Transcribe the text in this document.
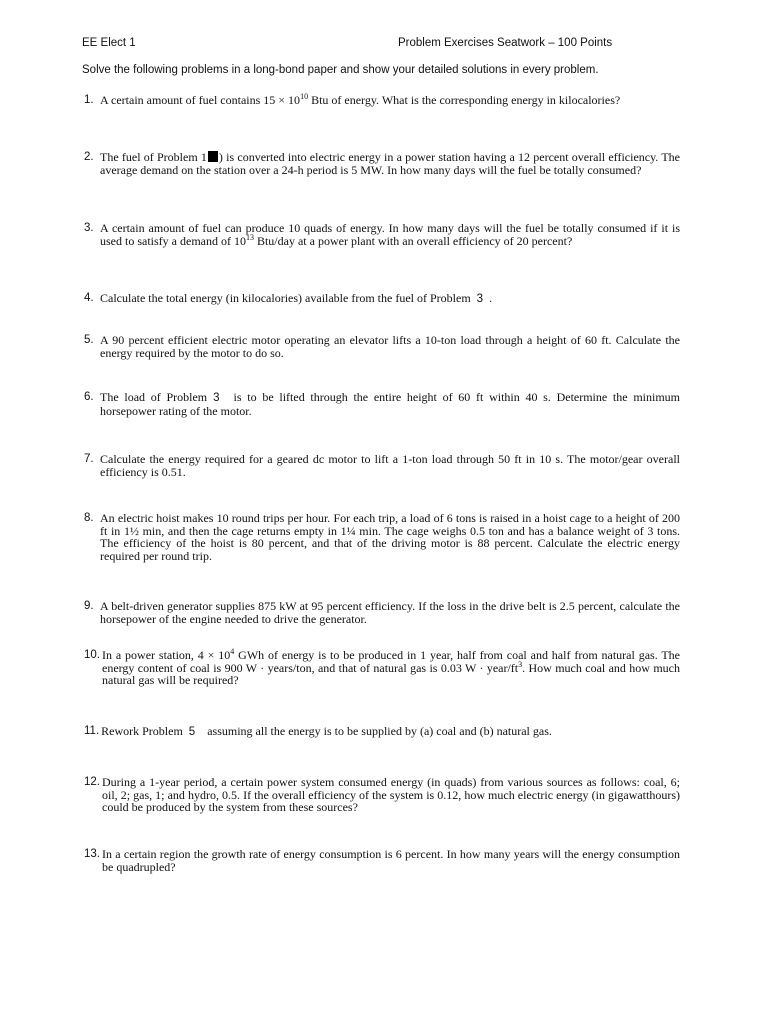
EE Elect 1	Problem Exercises Seatwork – 100 Points
Solve the following problems in a long-bond paper and show your detailed solutions in every problem.
1. A certain amount of fuel contains $15 \times 10^{10}$ Btu of energy. What is the corresponding energy in kilocalories?
2. The fuel of Problem 1 ) is converted into electric energy in a power station having a 12 percent overall efficiency. The average demand on the station over a 24-h period is 5 MW. In how many days will the fuel be totally consumed?
3. A certain amount of fuel can produce 10 quads of energy. In how many days will the fuel be totally consumed if it is used to satisfy a demand of $10^{13}$ Btu/day at a power plant with an overall efficiency of 20 percent?
4. Calculate the total energy (in kilocalories) available from the fuel of Problem 3 .
5. A 90 percent efficient electric motor operating an elevator lifts a 10-ton load through a height of 60 ft. Calculate the energy required by the motor to do so.
6. The load of Problem 3 is to be lifted through the entire height of 60 ft within 40 s. Determine the minimum horsepower rating of the motor.
7. Calculate the energy required for a geared dc motor to lift a 1-ton load through 50 ft in 10 s. The motor/gear overall efficiency is 0.51.
8. An electric hoist makes 10 round trips per hour. For each trip, a load of 6 tons is raised in a hoist cage to a height of 200 ft in 1½ min, and then the cage returns empty in 1¼ min. The cage weighs 0.5 ton and has a balance weight of 3 tons. The efficiency of the hoist is 80 percent, and that of the driving motor is 88 percent. Calculate the electric energy required per round trip.
9. A belt-driven generator supplies 875 kW at 95 percent efficiency. If the loss in the drive belt is 2.5 percent, calculate the horsepower of the engine needed to drive the generator.
10. In a power station, $4 \times 10^4$ GWh of energy is to be produced in 1 year, half from coal and half from natural gas. The energy content of coal is 900 W · years/ton, and that of natural gas is 0.03 W · year/$ft^3$. How much coal and how much natural gas will be required?
11. Rework Problem 5 assuming all the energy is to be supplied by (a) coal and (b) natural gas.
12. During a 1-year period, a certain power system consumed energy (in quads) from various sources as follows: coal, 6; oil, 2; gas, 1; and hydro, 0.5. If the overall efficiency of the system is 0.12, how much electric energy (in gigawatthours) could be produced by the system from these sources?
13. In a certain region the growth rate of energy consumption is 6 percent. In how many years will the energy consumption be quadrupled?
